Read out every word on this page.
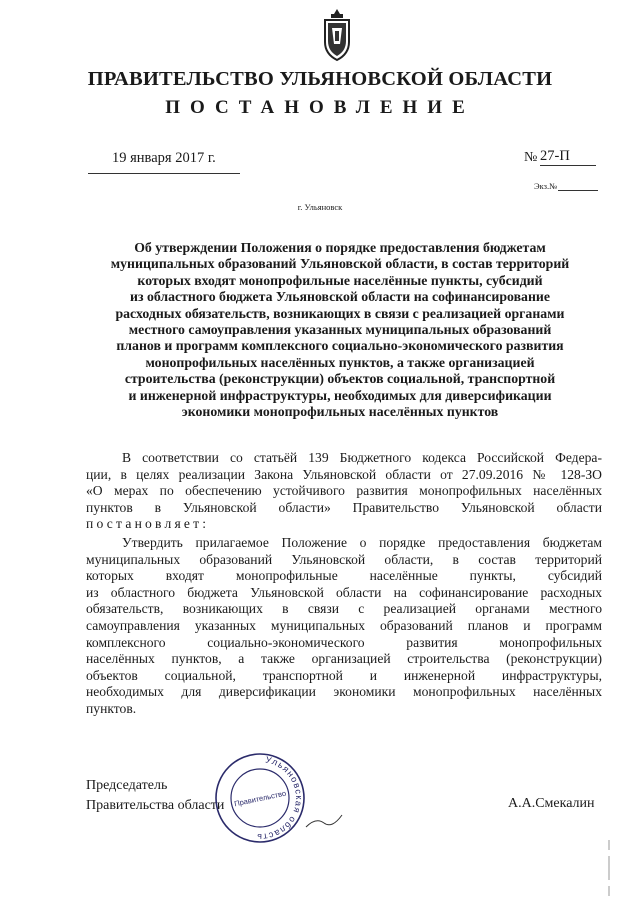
ПРАВИТЕЛЬСТВО УЛЬЯНОВСКОЙ ОБЛАСТИ
ПОСТАНОВЛЕНИЕ
19 января 2017 г.	№ 27-П
Экз.№
г. Ульяновск
Об утверждении Положения о порядке предоставления бюджетам
муниципальных образований Ульяновской области, в состав территорий
которых входят монопрофильные населённые пункты, субсидий
из областного бюджета Ульяновской области на софинансирование
расходных обязательств, возникающих в связи с реализацией органами
местного самоуправления указанных муниципальных образований
планов и программ комплексного социально-экономического развития
монопрофильных населённых пунктов, а также организацией
строительства (реконструкции) объектов социальной, транспортной
и инженерной инфраструктуры, необходимых для диверсификации
экономики монопрофильных населённых пунктов
В соответствии со статьёй 139 Бюджетного кодекса Российской Федера-
ции, в целях реализации Закона Ульяновской области от 27.09.2016 № 128-ЗО
«О мерах по обеспечению устойчивого развития монопрофильных населённых
пунктов в Ульяновской области» Правительство Ульяновской области
постановляет:
Утвердить прилагаемое Положение о порядке предоставления бюджетам
муниципальных образований Ульяновской области, в состав территорий
которых входят монопрофильные населённые пункты, субсидий
из областного бюджета Ульяновской области на софинансирование расходных
обязательств, возникающих в связи с реализацией органами местного
самоуправления указанных муниципальных образований планов и программ
комплексного социально-экономического развития монопрофильных
населённых пунктов, а также организацией строительства (реконструкции)
объектов социальной, транспортной и инженерной инфраструктуры,
необходимых для диверсификации экономики монопрофильных населённых
пунктов.
Председатель
Правительства области	А.А.Смекалин
Ульяновская область
Правительство
